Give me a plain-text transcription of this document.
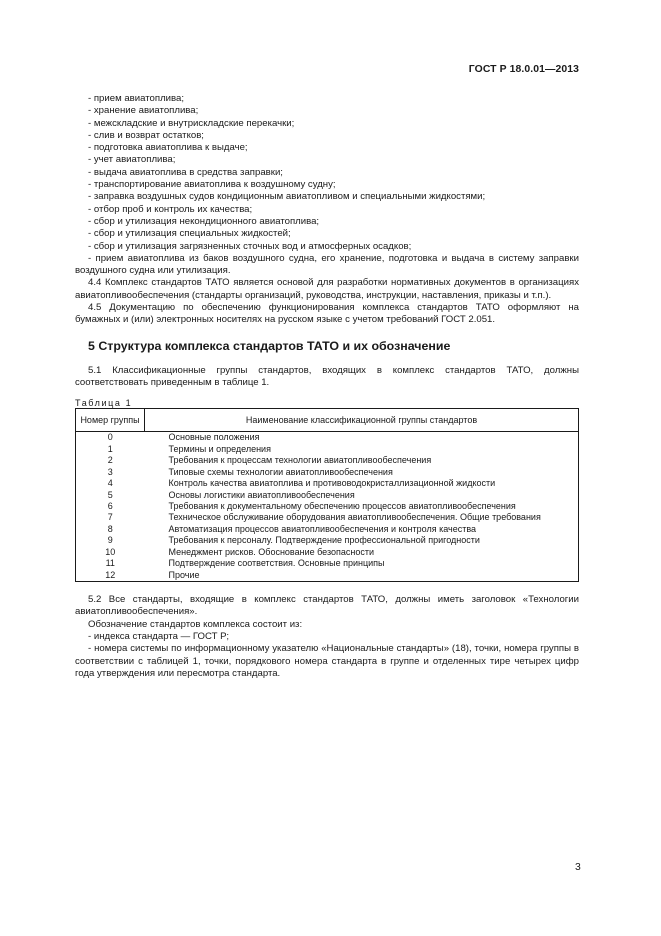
ГОСТ Р 18.0.01—2013

- прием авиатоплива;

- хранение авиатоплива;

- межскладские и внутрискладские перекачки;

- слив и возврат остатков;

- подготовка авиатоплива к выдаче;

- учет авиатоплива;

- выдача авиатоплива в средства заправки;

- транспортирование авиатоплива к воздушному судну;

- заправка воздушных судов кондиционным авиатопливом и специальными жидкостями;

- отбор проб и контроль их качества;

- сбор и утилизация некондиционного авиатоплива;

- сбор и утилизация специальных жидкостей;

- сбор и утилизация загрязненных сточных вод и атмосферных осадков;

- прием авиатоплива из баков воздушного судна, его хранение, подготовка и выдача в систему заправки воздушного судна или утилизация.

4.4 Комплекс стандартов ТАТО является основой для разработки нормативных документов в организациях авиатопливообеспечения (стандарты организаций, руководства, инструкции, наставления, приказы и т.п.).

4.5 Документацию по обеспечению функционирования комплекса стандартов ТАТО оформляют на бумажных и (или) электронных носителях на русском языке с учетом требований ГОСТ 2.051.

5 Структура комплекса стандартов ТАТО и их обозначение

5.1 Классификационные группы стандартов, входящих в комплекс стандартов ТАТО, должны соответствовать приведенным в таблице 1.

Таблица 1
Номер группы	Наименование классификационной группы стандартов
0	Основные положения
1	Термины и определения
2	Требования к процессам технологии авиатопливообеспечения
3	Типовые схемы технологии авиатопливообеспечения
4	Контроль качества авиатоплива и противоводокристаллизационной жидкости
5	Основы логистики авиатопливообеспечения
6	Требования к документальному обеспечению процессов авиатопливообеспечения
7	Техническое обслуживание оборудования авиатопливообеспечения. Общие требования
8	Автоматизация процессов авиатопливообеспечения и контроля качества
9	Требования к персоналу. Подтверждение профессиональной пригодности
10	Менеджмент рисков. Обоснование безопасности
11	Подтверждение соответствия. Основные принципы
12	Прочие

5.2 Все стандарты, входящие в комплекс стандартов ТАТО, должны иметь заголовок «Технологии авиатопливообеспечения».

Обозначение стандартов комплекса состоит из:

- индекса стандарта — ГОСТ Р;

- номера системы по информационному указателю «Национальные стандарты» (18), точки, номера группы в соответствии с таблицей 1, точки, порядкового номера стандарта в группе и отделенных тире четырех цифр года утверждения или пересмотра стандарта.

3
